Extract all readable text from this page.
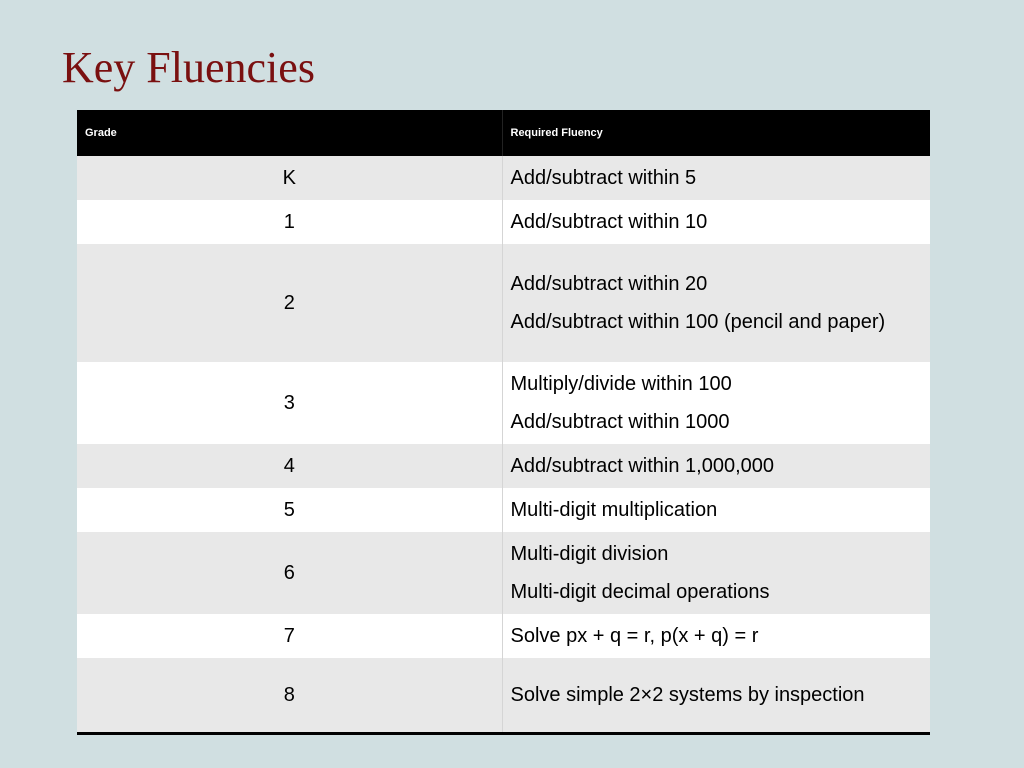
Key Fluencies
Grade	Required Fluency
K	Add/subtract within 5

1	Add/subtract within 10

2	Add/subtract within 20
Add/subtract within 100 (pencil and paper)

3	Multiply/divide within 100
Add/subtract within 1000

4	Add/subtract within 1,000,000

5	Multi-digit multiplication

6	Multi-digit division
Multi-digit decimal operations

7	Solve px + q = r, p(x + q) = r

8	Solve simple 2×2 systems by inspection
